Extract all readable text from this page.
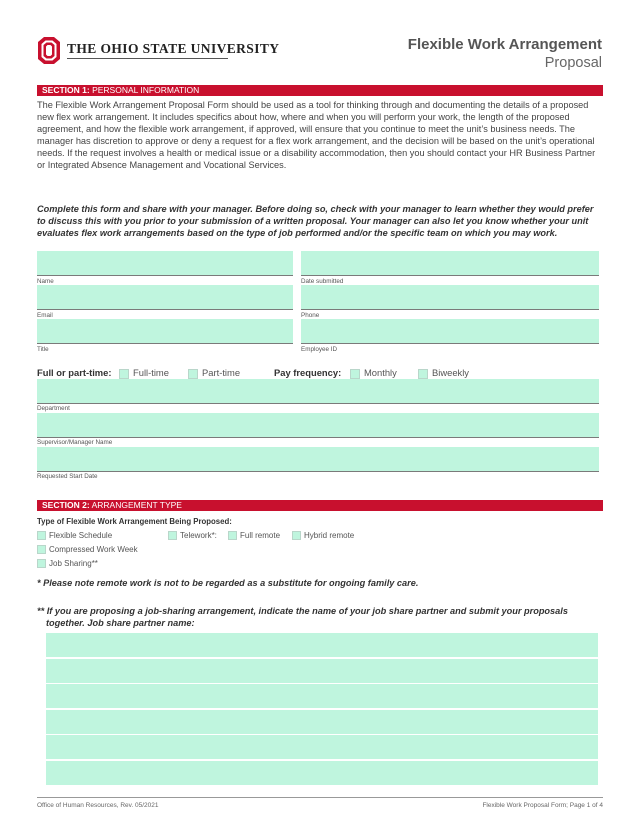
THE OHIO STATE UNIVERSITY	Flexible Work Arrangement
Proposal
SECTION 1: PERSONAL INFORMATION
The Flexible Work Arrangement Proposal Form should be used as a tool for thinking through and documenting the details of a proposed new flex work arrangement. It includes specifics about how, where and when you will perform your work, the length of the proposed agreement, and how the flexible work arrangement, if approved, will ensure that you continue to meet the unit’s business needs. The manager has discretion to approve or deny a request for a flex work arrangement, and the decision will be based on the unit’s operational needs. If the request involves a health or medical issue or a disability accommodation, then you should contact your HR Business Partner or Integrated Absence Management and Vocational Services.
Complete this form and share with your manager. Before doing so, check with your manager to learn whether they would prefer to discuss this with you prior to your submission of a written proposal. Your manager can also let you know whether your unit evaluates flex work arrangements based on the type of job performed and/or the specific team on which you may work.
Name	Date submitted
Email	Phone
Title	Employee ID
Full or part-time: Full-time	Part-time	Pay frequency: Monthly	Biweekly
Department
Supervisor/Manager Name
Requested Start Date
SECTION 2: ARRANGEMENT TYPE
Type of Flexible Work Arrangement Being Proposed:
Flexible Schedule	Telework*:	Full remote	Hybrid remote
Compressed Work Week
Job Sharing**
* Please note remote work is not to be regarded as a substitute for ongoing family care.
** If you are proposing a job-sharing arrangement, indicate the name of your job share partner and submit your proposals together. Job share partner name:
Office of Human Resources, Rev. 05/2021	Flexible Work Proposal Form; Page 1 of 4
